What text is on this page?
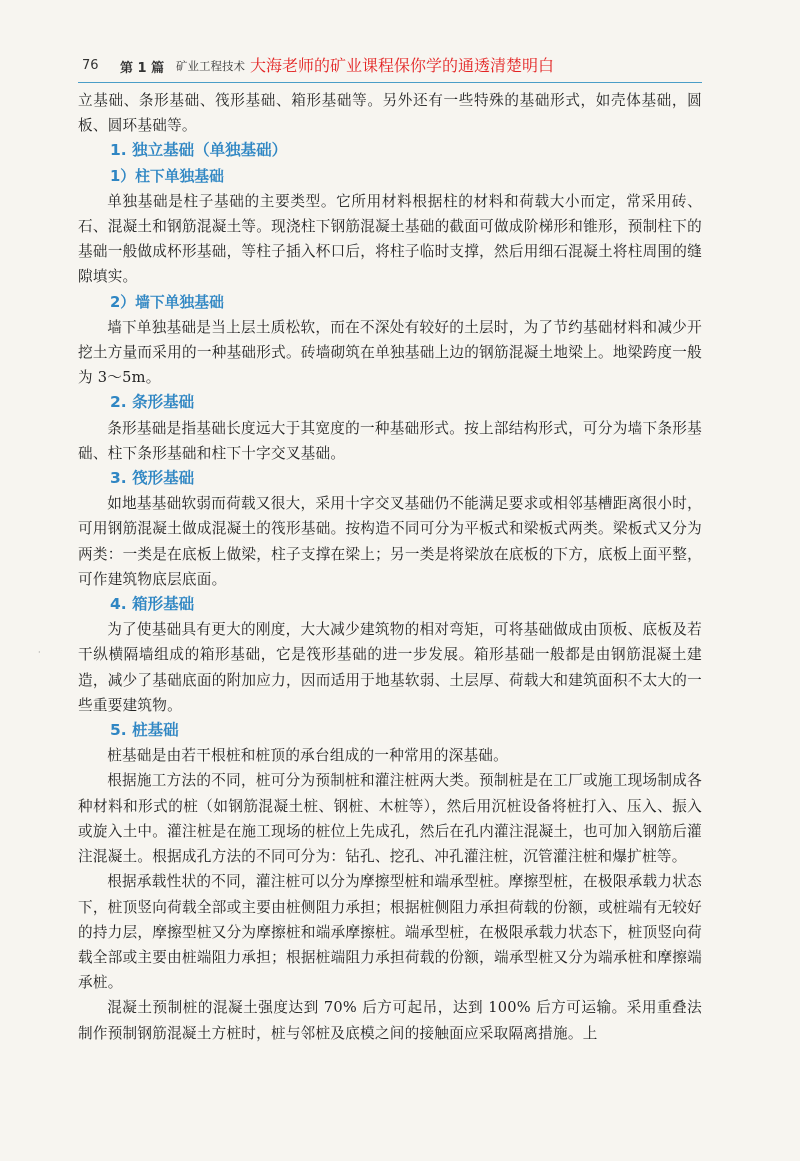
76 第 1 篇 矿业工程技术 大海老师的矿业课程保你学的通透清楚明白

立基础、条形基础、筏形基础、箱形基础等。另外还有一些特殊的基础形式，如壳体基础，圆板、圆环基础等。

1. 独立基础（单独基础）
1）柱下单独基础

单独基础是柱子基础的主要类型。它所用材料根据柱的材料和荷载大小而定，常采用砖、石、混凝土和钢筋混凝土等。现浇柱下钢筋混凝土基础的截面可做成阶梯形和锥形，预制柱下的基础一般做成杯形基础，等柱子插入杯口后，将柱子临时支撑，然后用细石混凝土将柱周围的缝隙填实。

2）墙下单独基础

墙下单独基础是当上层土质松软，而在不深处有较好的土层时，为了节约基础材料和减少开挖土方量而采用的一种基础形式。砖墙砌筑在单独基础上边的钢筋混凝土地梁上。地梁跨度一般为 3～5m。

2. 条形基础

条形基础是指基础长度远大于其宽度的一种基础形式。按上部结构形式，可分为墙下条形基础、柱下条形基础和柱下十字交叉基础。

3. 筏形基础

如地基基础软弱而荷载又很大，采用十字交叉基础仍不能满足要求或相邻基槽距离很小时，可用钢筋混凝土做成混凝土的筏形基础。按构造不同可分为平板式和梁板式两类。梁板式又分为两类：一类是在底板上做梁，柱子支撑在梁上；另一类是将梁放在底板的下方，底板上面平整，可作建筑物底层底面。

4. 箱形基础

为了使基础具有更大的刚度，大大减少建筑物的相对弯矩，可将基础做成由顶板、底板及若干纵横隔墙组成的箱形基础，它是筏形基础的进一步发展。箱形基础一般都是由钢筋混凝土建造，减少了基础底面的附加应力，因而适用于地基软弱、土层厚、荷载大和建筑面积不太大的一些重要建筑物。

5. 桩基础

桩基础是由若干根桩和桩顶的承台组成的一种常用的深基础。

根据施工方法的不同，桩可分为预制桩和灌注桩两大类。预制桩是在工厂或施工现场制成各种材料和形式的桩（如钢筋混凝土桩、钢桩、木桩等），然后用沉桩设备将桩打入、压入、振入或旋入土中。灌注桩是在施工现场的桩位上先成孔，然后在孔内灌注混凝土，也可加入钢筋后灌注混凝土。根据成孔方法的不同可分为：钻孔、挖孔、冲孔灌注桩，沉管灌注桩和爆扩桩等。

根据承载性状的不同，灌注桩可以分为摩擦型桩和端承型桩。摩擦型桩，在极限承载力状态下，桩顶竖向荷载全部或主要由桩侧阻力承担；根据桩侧阻力承担荷载的份额，或桩端有无较好的持力层，摩擦型桩又分为摩擦桩和端承摩擦桩。端承型桩，在极限承载力状态下，桩顶竖向荷载全部或主要由桩端阻力承担；根据桩端阻力承担荷载的份额，端承型桩又分为端承桩和摩擦端承桩。

混凝土预制桩的混凝土强度达到 70% 后方可起吊，达到 100% 后方可运输。采用重叠法制作预制钢筋混凝土方桩时，桩与邻桩及底模之间的接触面应采取隔离措施。上

·
